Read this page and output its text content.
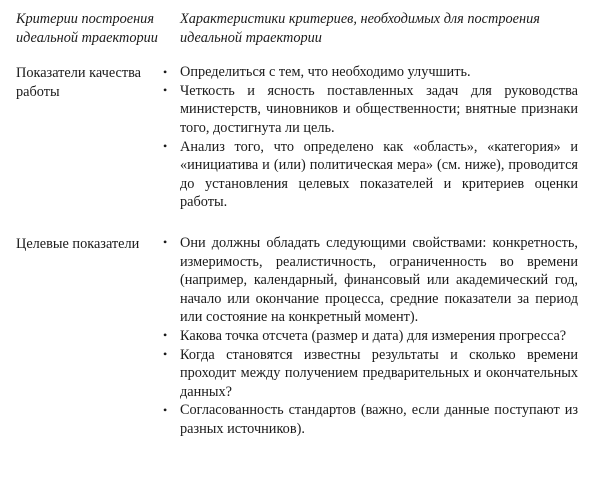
Критерии построения идеальной траектории	Характеристики критериев, необходимых для построения идеальной траектории
Показатели качества работы	
• Определиться с тем, что необходимо улучшить.
• Четкость и ясность поставленных задач для руководства министерств, чиновников и общественности; внятные признаки того, достигнута ли цель.
• Анализ того, что определено как «область», «категория» и «инициатива и (или) политическая мера» (см. ниже), проводится до установления целевых показателей и критериев оценки работы.

Целевые показатели	
•Они должны обладать следующими свойствами: конкретность, измеримость, реалистичность, ограниченность во времени (например, календарный, финансовый или академический год, начало или окончание процесса, средние показатели за период или состояние на конкретный момент).
• Какова точка отсчета (размер и дата) для измерения прогресса?
• Когда становятся известны результаты и сколько времени проходит между получением предварительных и окончательных данных?
• Согласованность стандартов (важно, если данные поступают из разных источников).
